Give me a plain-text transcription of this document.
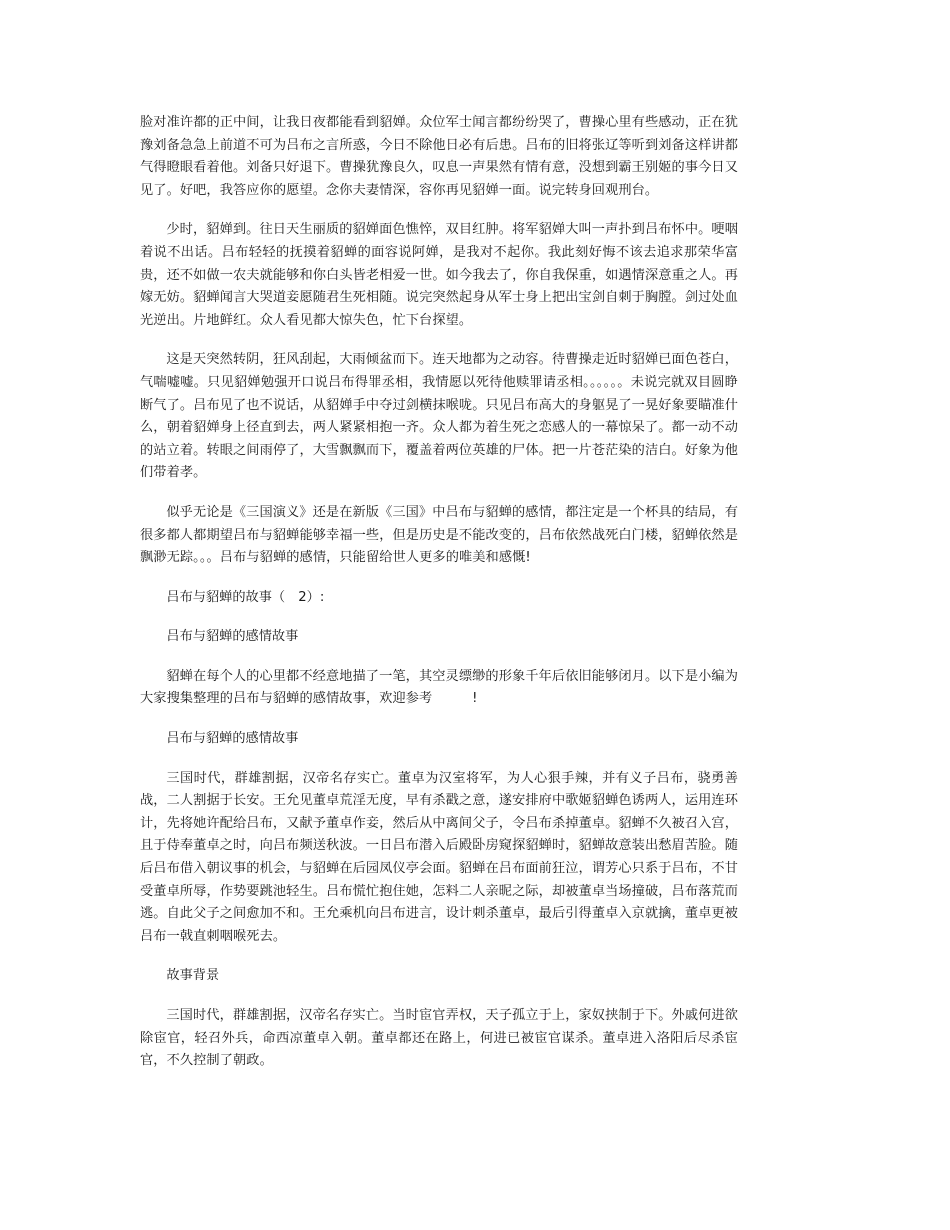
脸对准许都的正中间，让我日夜都能看到貂婵。众位军士闻言都纷纷哭了，曹操心里有些感动，正在犹豫刘备急急上前道不可为吕布之言所惑，今日不除他日必有后患。吕布的旧将张辽等听到刘备这样讲都气得瞪眼看着他。刘备只好退下。曹操犹豫良久，叹息一声果然有情有意，没想到霸王别姬的事今日又见了。好吧，我答应你的愿望。念你夫妻情深，容你再见貂婵一面。说完转身回观刑台。

少时，貂婵到。往日天生丽质的貂婵面色憔悴，双目红肿。将军貂婵大叫一声扑到吕布怀中。哽咽着说不出话。吕布轻轻的抚摸着貂蝉的面容说阿婵，是我对不起你。我此刻好悔不该去追求那荣华富贵，还不如做一农夫就能够和你白头皆老相爱一世。如今我去了，你自我保重，如遇情深意重之人。再嫁无妨。貂蝉闻言大哭道妾愿随君生死相随。说完突然起身从军士身上把出宝剑自刺于胸膛。剑过处血光逆出。片地鲜红。众人看见都大惊失色，忙下台探望。

这是天突然转阴，狂风刮起，大雨倾盆而下。连天地都为之动容。待曹操走近时貂婵已面色苍白，气喘嘘嘘。只见貂婵勉强开口说吕布得罪丞相，我情愿以死待他赎罪请丞相。。。。。。未说完就双目圆睁断气了。吕布见了也不说话，从貂婵手中夺过剑横抹喉咙。只见吕布高大的身躯晃了一晃好象要瞄准什么，朝着貂婵身上径直到去，两人紧紧相抱一齐。众人都为着生死之恋感人的一幕惊呆了。都一动不动的站立着。转眼之间雨停了，大雪飘飘而下，覆盖着两位英雄的尸体。把一片苍茫染的洁白。好象为他们带着孝。

似乎无论是《三国演义》还是在新版《三国》中吕布与貂蝉的感情，都注定是一个杯具的结局，有很多都人都期望吕布与貂蝉能够幸福一些，但是历史是不能改变的，吕布依然战死白门楼，貂蝉依然是飘渺无踪。。。吕布与貂蝉的感情，只能留给世人更多的唯美和感慨!

吕布与貂蝉的故事（　2）:

吕布与貂蝉的感情故事

貂蝉在每个人的心里都不经意地描了一笔，其空灵缥缈的形象千年后依旧能够闭月。以下是小编为大家搜集整理的吕布与貂蝉的感情故事，欢迎参考　　　!

吕布与貂蝉的感情故事

三国时代，群雄割据，汉帝名存实亡。董卓为汉室将军，为人心狠手辣，并有义子吕布，骁勇善战，二人割据于长安。王允见董卓荒淫无度，早有杀戳之意，遂安排府中歌姬貂蝉色诱两人，运用连环计，先将她许配给吕布，又献予董卓作妾，然后从中离间父子，令吕布杀掉董卓。貂蝉不久被召入宫，且于侍奉董卓之时，向吕布频送秋波。一日吕布潜入后殿卧房窥探貂蝉时，貂蝉故意装出愁眉苦脸。随后吕布借入朝议事的机会，与貂蝉在后园凤仪亭会面。貂蝉在吕布面前狂泣，谓芳心只系于吕布，不甘受董卓所辱，作势要跳池轻生。吕布慌忙抱住她，怎料二人亲昵之际，却被董卓当场撞破，吕布落荒而逃。自此父子之间愈加不和。王允乘机向吕布进言，设计刺杀董卓，最后引得董卓入京就擒，董卓更被吕布一戟直刺咽喉死去。

故事背景

三国时代，群雄割据，汉帝名存实亡。当时宦官弄权，天子孤立于上，家奴挟制于下。外戚何进欲除宦官，轻召外兵，命西凉董卓入朝。董卓都还在路上，何进已被宦官谋杀。董卓进入洛阳后尽杀宦官，不久控制了朝政。
